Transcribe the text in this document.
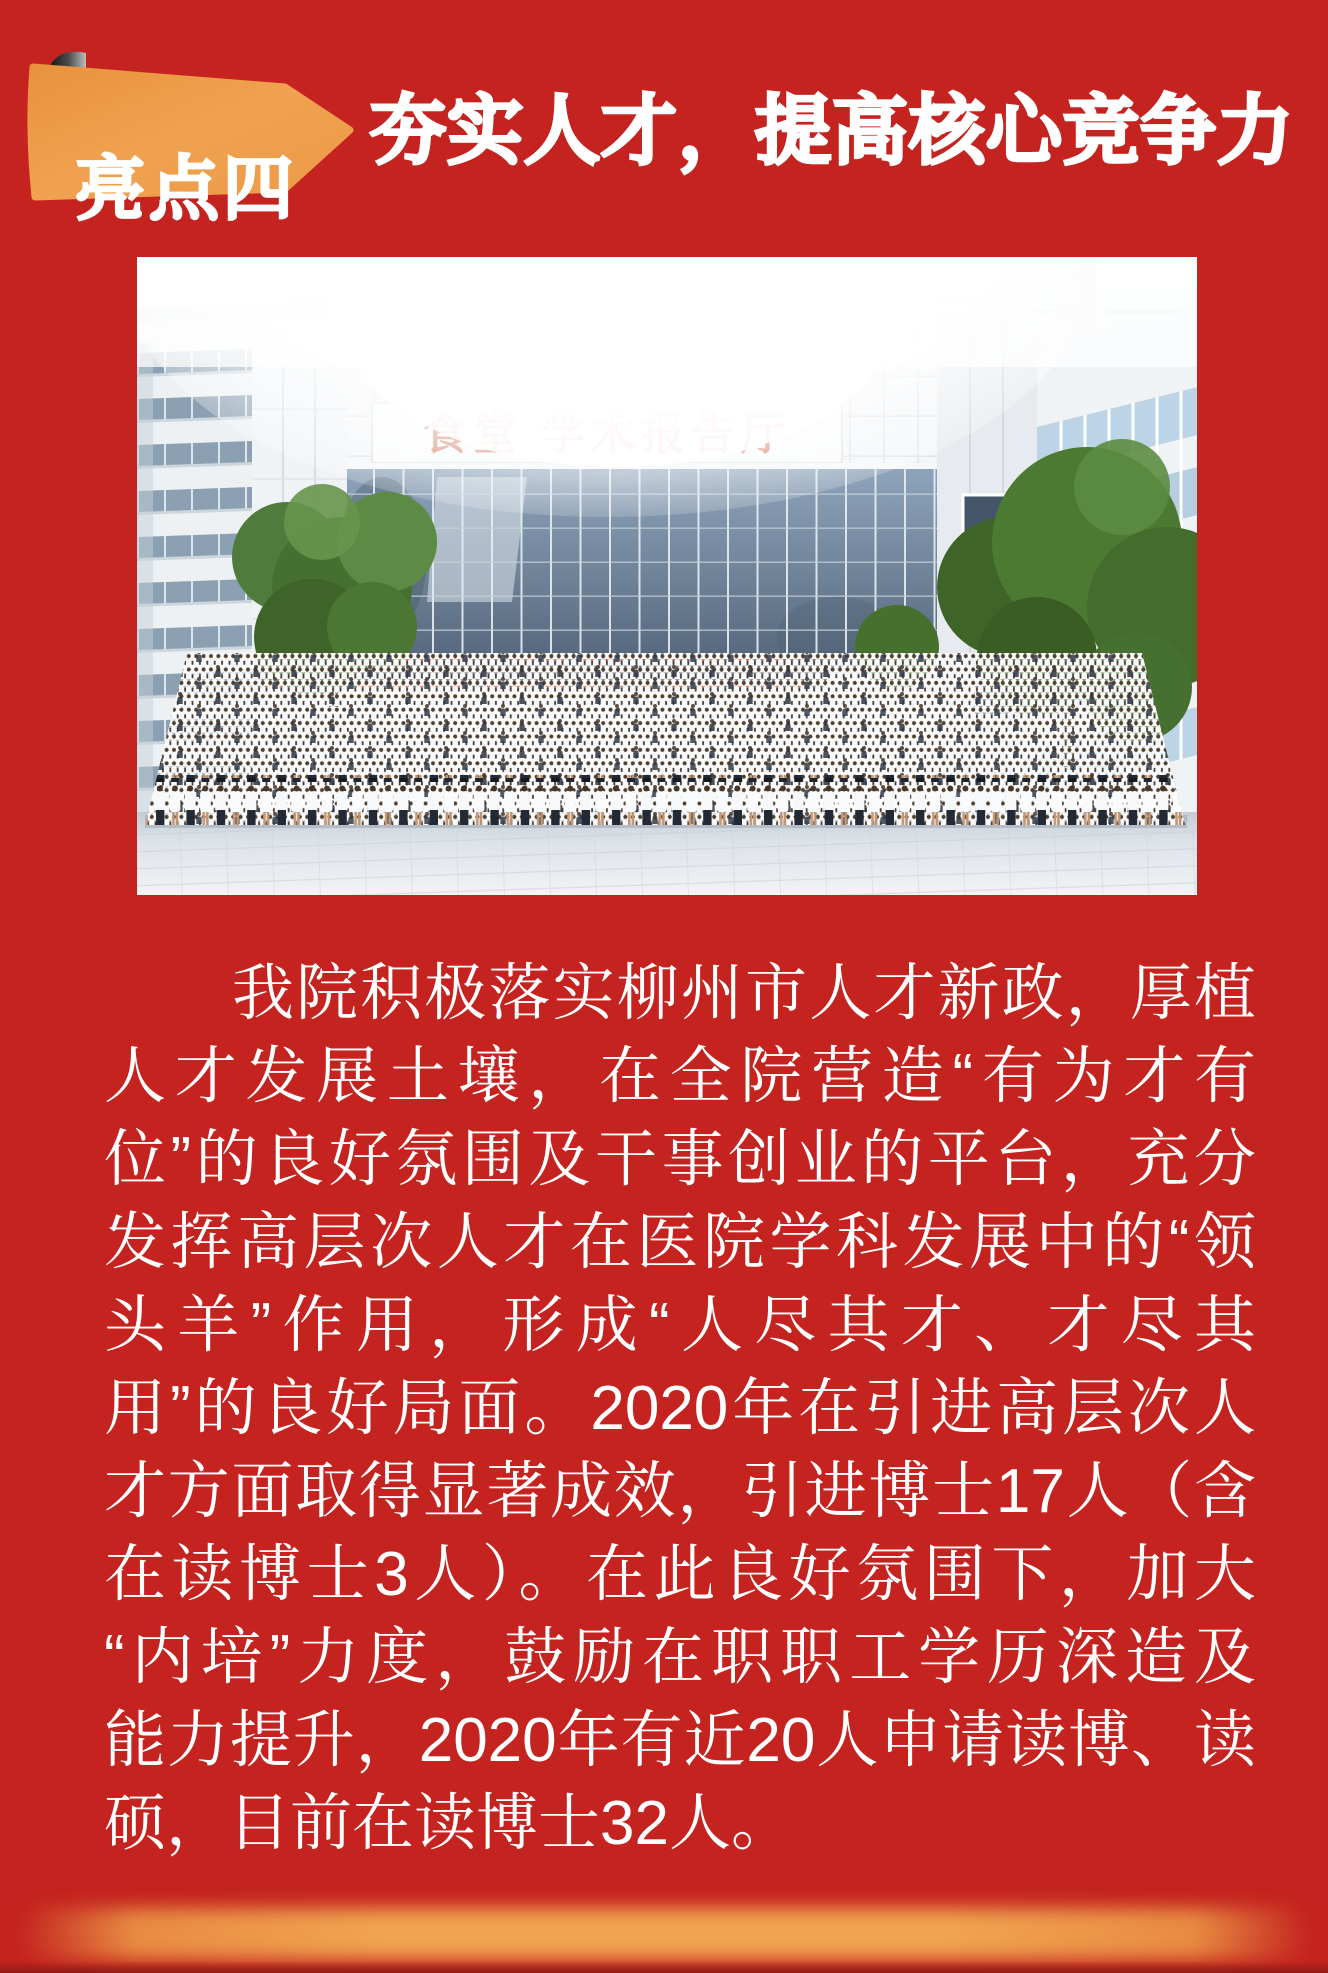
亮点四
夯实人才，提高核心竞争力
我院积极落实柳州市人才新政，厚植
人才发展土壤，在全院营造“有为才有
位”的良好氛围及干事创业的平台，充分
发挥高层次人才在医院学科发展中的“领
头羊”作用，形成“人尽其才、才尽其
用”的良好局面。2020年在引进高层次人
才方面取得显著成效，引进博士17人（含
在读博士3人）。在此良好氛围下，加大
“内培”力度，鼓励在职职工学历深造及
能力提升，2020年有近20人申请读博、读
硕，目前在读博士32人。
